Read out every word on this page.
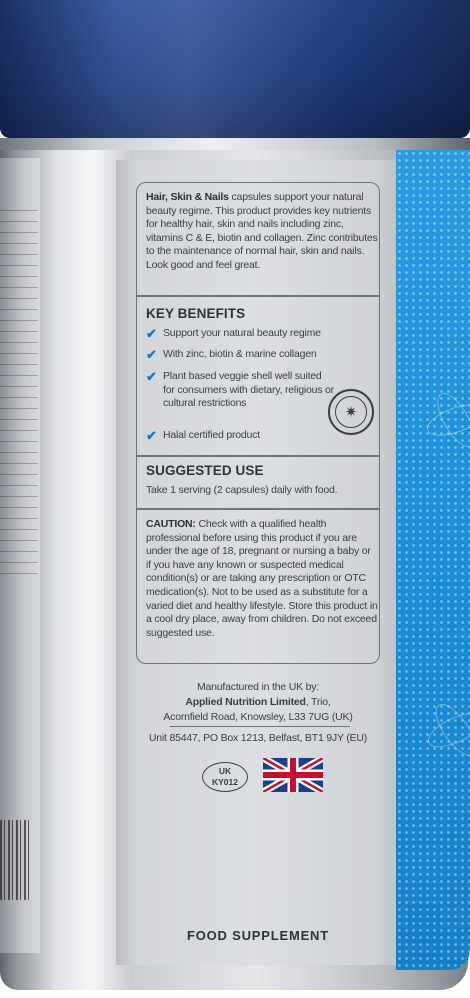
Hair, Skin & Nails capsules support your natural beauty regime. This product provides key nutrients for healthy hair, skin and nails including zinc, vitamins C & E, biotin and collagen. Zinc contributes to the maintenance of normal hair, skin and nails. Look good and feel great.
KEY BENEFITS
✔ Support your natural beauty regime
✔ With zinc, biotin & marine collagen
✔ Plant based veggie shell well suited for consumers with dietary, religious or cultural restrictions
✔ Halal certified product
✷
SUGGESTED USE
Take 1 serving (2 capsules) daily with food.
CAUTION: Check with a qualified health professional before using this product if you are under the age of 18, pregnant or nursing a baby or if you have any known or suspected medical condition(s) or are taking any prescription or OTC medication(s). Not to be used as a substitute for a varied diet and healthy lifestyle. Store this product in a cool dry place, away from children. Do not exceed suggested use.
Manufactured in the UK by:
Applied Nutrition Limited, Trio,
Acornfield Road, Knowsley, L33 7UG (UK)
Unit 85447, PO Box 1213, Belfast, BT1 9JY (EU)
UK
KY012
FOOD SUPPLEMENT
